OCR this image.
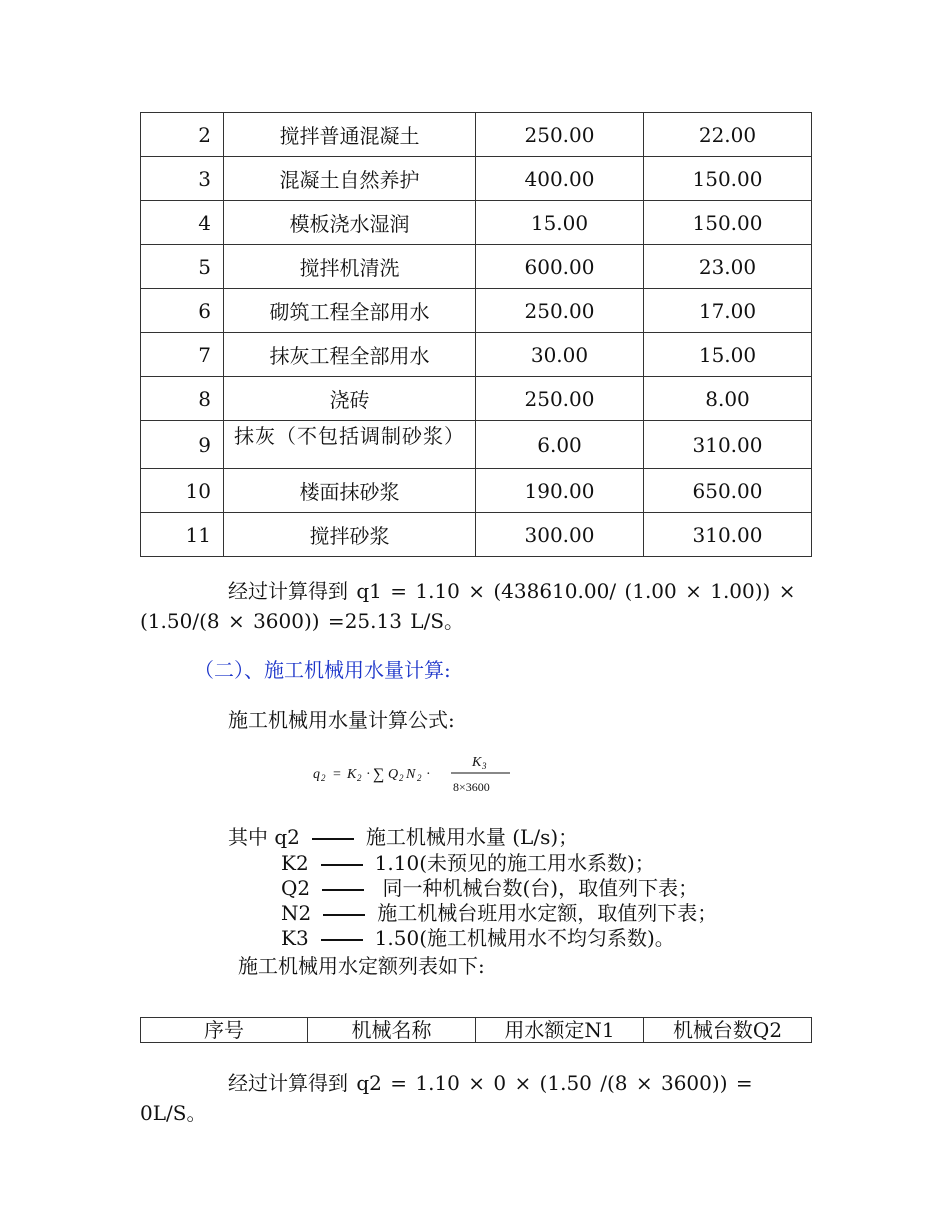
2	搅拌普通混凝土	250.00	22.00
3	混凝土自然养护	400.00	150.00
4	模板浇水湿润	15.00	150.00
5	搅拌机清洗	600.00	23.00
6	砌筑工程全部用水	250.00	17.00
7	抹灰工程全部用水	30.00	15.00
8	浇砖	250.00	8.00
9	抹灰（不包括调制砂浆）	6.00	310.00
10	楼面抹砂浆	190.00	650.00
11	搅拌砂浆	300.00	310.00
经过计算得到 q1 = 1.10 × (438610.00/ (1.00 × 1.00)) × (1.50/(8 × 3600)) =25.13 L/S。
（二）、施工机械用水量计算:
施工机械用水量计算公式:
q 2 = K 2 · ∑ Q 2 N 2 ·
K 3
8×3600
其中 q2	施工机械用水量 (L/s)；
K2	1.10(未预见的施工用水系数)；
Q2	同一种机械台数(台)，取值列下表；
N2	施工机械台班用水定额，取值列下表；
K3	1.50(施工机械用水不均匀系数)。
施工机械用水定额列表如下:
序号	机械名称	用水额定N1	机械台数Q2
经过计算得到 q2 = 1.10 × 0 × (1.50 /(8 × 3600)) = 0L/S。
